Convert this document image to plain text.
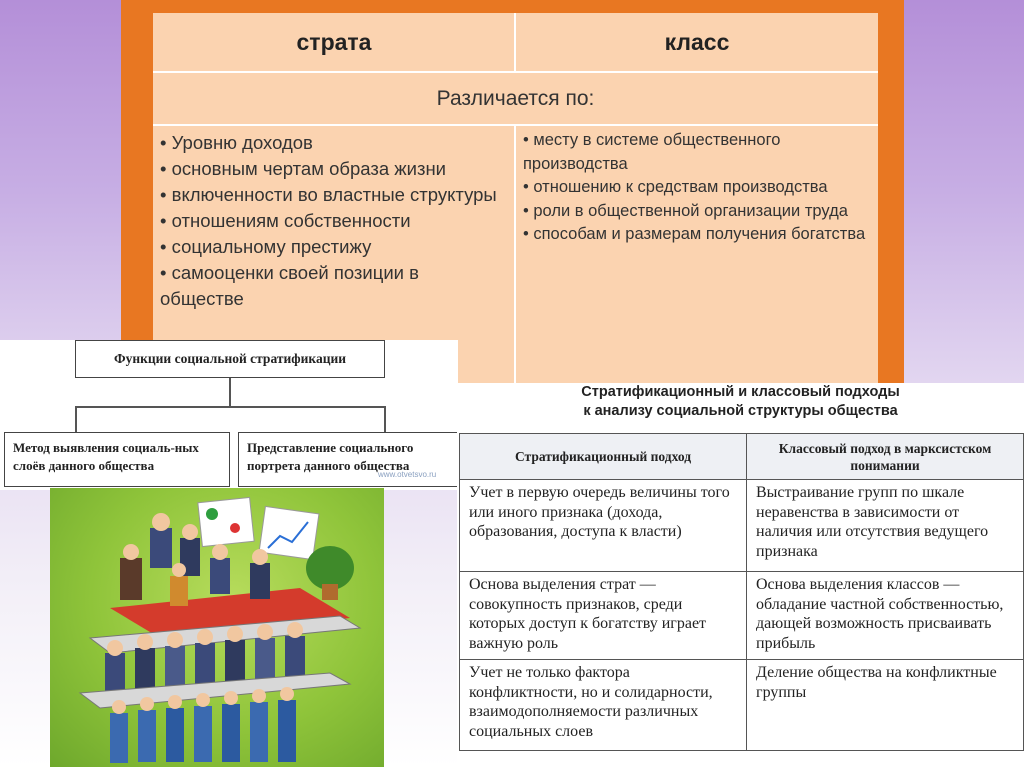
страта	класс
Различается по:
• Уровню доходов
• основным чертам образа жизни
• включенности во властные структуры
• отношениям собственности
• социальному престижу
• самооценки своей позиции в обществе
• месту в системе общественного производства
• отношению к средствам производства
• роли в общественной организации труда
• способам и размерам получения богатства
Функции социальной стратификации
Метод выявления социаль-ных слоёв данного общества
Представление социального портрета данного общества
www.otvetsvo.ru
Стратификационный и классовый подходы
к анализу социальной структуры общества
Стратификационный подход
Классовый подход в марксистском понимании
Учет в первую очередь величины того или иного признака (дохода, образования, доступа к власти)
Выстраивание групп по шкале неравенства в зависимости от наличия или отсутствия ведущего признака
Основа выделения страт — совокупность признаков, среди которых доступ к богатству играет важную роль
Основа выделения классов — обладание частной собственностью, дающей возможность присваивать прибыль
Учет не только фактора конфликтности, но и солидарности, взаимодополняемости различных социальных слоев
Деление общества на конфликтные группы
